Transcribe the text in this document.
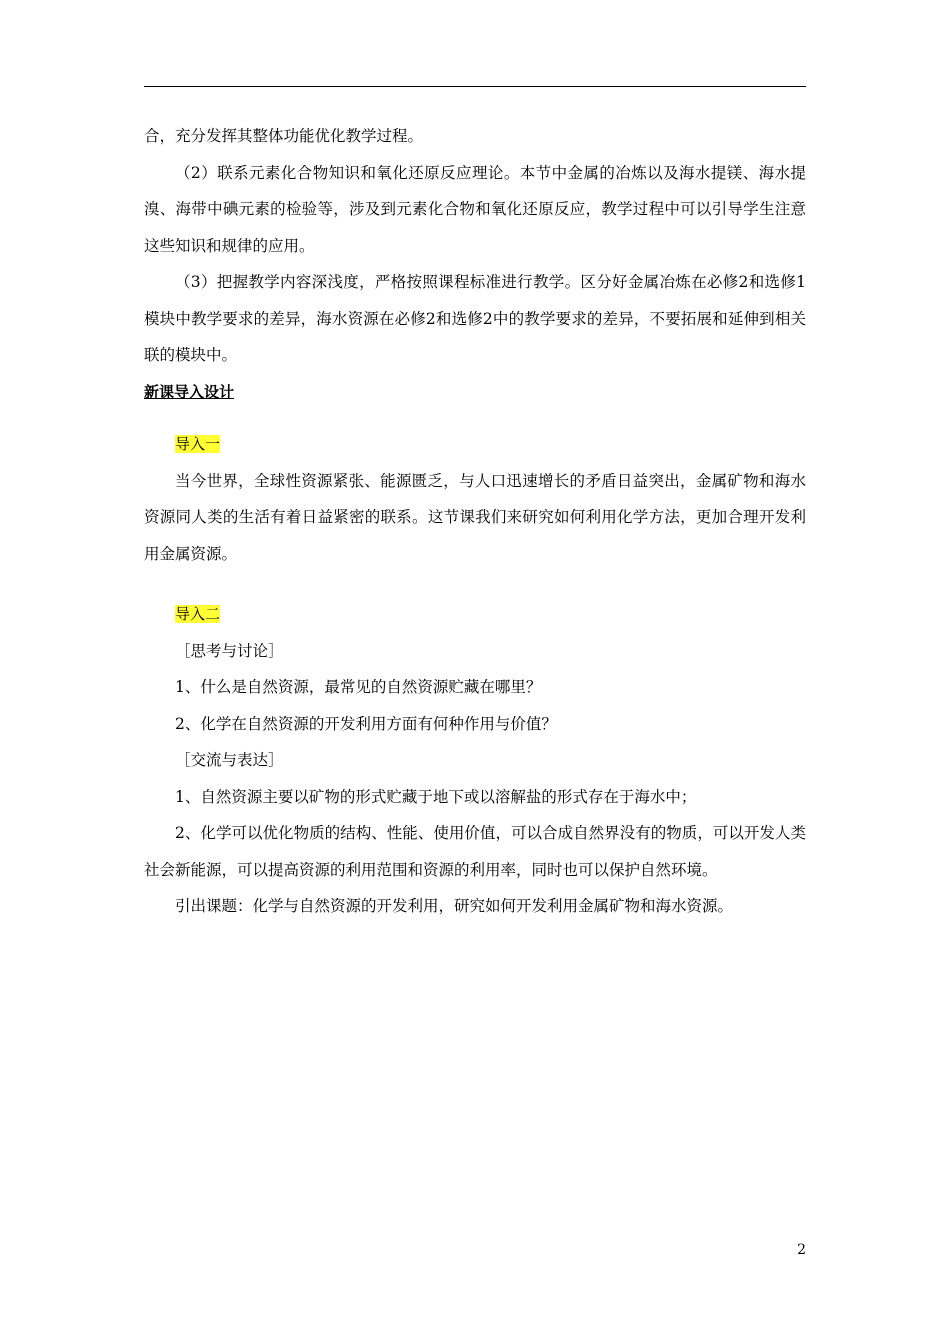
合，充分发挥其整体功能优化教学过程。

（2）联系元素化合物知识和氧化还原反应理论。本节中金属的冶炼以及海水提镁、海水提溴、海带中碘元素的检验等，涉及到元素化合物和氧化还原反应，教学过程中可以引导学生注意这些知识和规律的应用。

（3）把握教学内容深浅度，严格按照课程标准进行教学。区分好金属冶炼在必修2和选修1模块中教学要求的差异，海水资源在必修2和选修2中的教学要求的差异，不要拓展和延伸到相关联的模块中。

新课导入设计

导入一

当今世界，全球性资源紧张、能源匮乏，与人口迅速增长的矛盾日益突出，金属矿物和海水资源同人类的生活有着日益紧密的联系。这节课我们来研究如何利用化学方法，更加合理开发利用金属资源。

导入二

［思考与讨论］

1、什么是自然资源，最常见的自然资源贮藏在哪里？

2、化学在自然资源的开发利用方面有何种作用与价值？

［交流与表达］

1、自然资源主要以矿物的形式贮藏于地下或以溶解盐的形式存在于海水中；

2、化学可以优化物质的结构、性能、使用价值，可以合成自然界没有的物质，可以开发人类社会新能源，可以提高资源的利用范围和资源的利用率，同时也可以保护自然环境。

引出课题：化学与自然资源的开发利用，研究如何开发利用金属矿物和海水资源。

2
